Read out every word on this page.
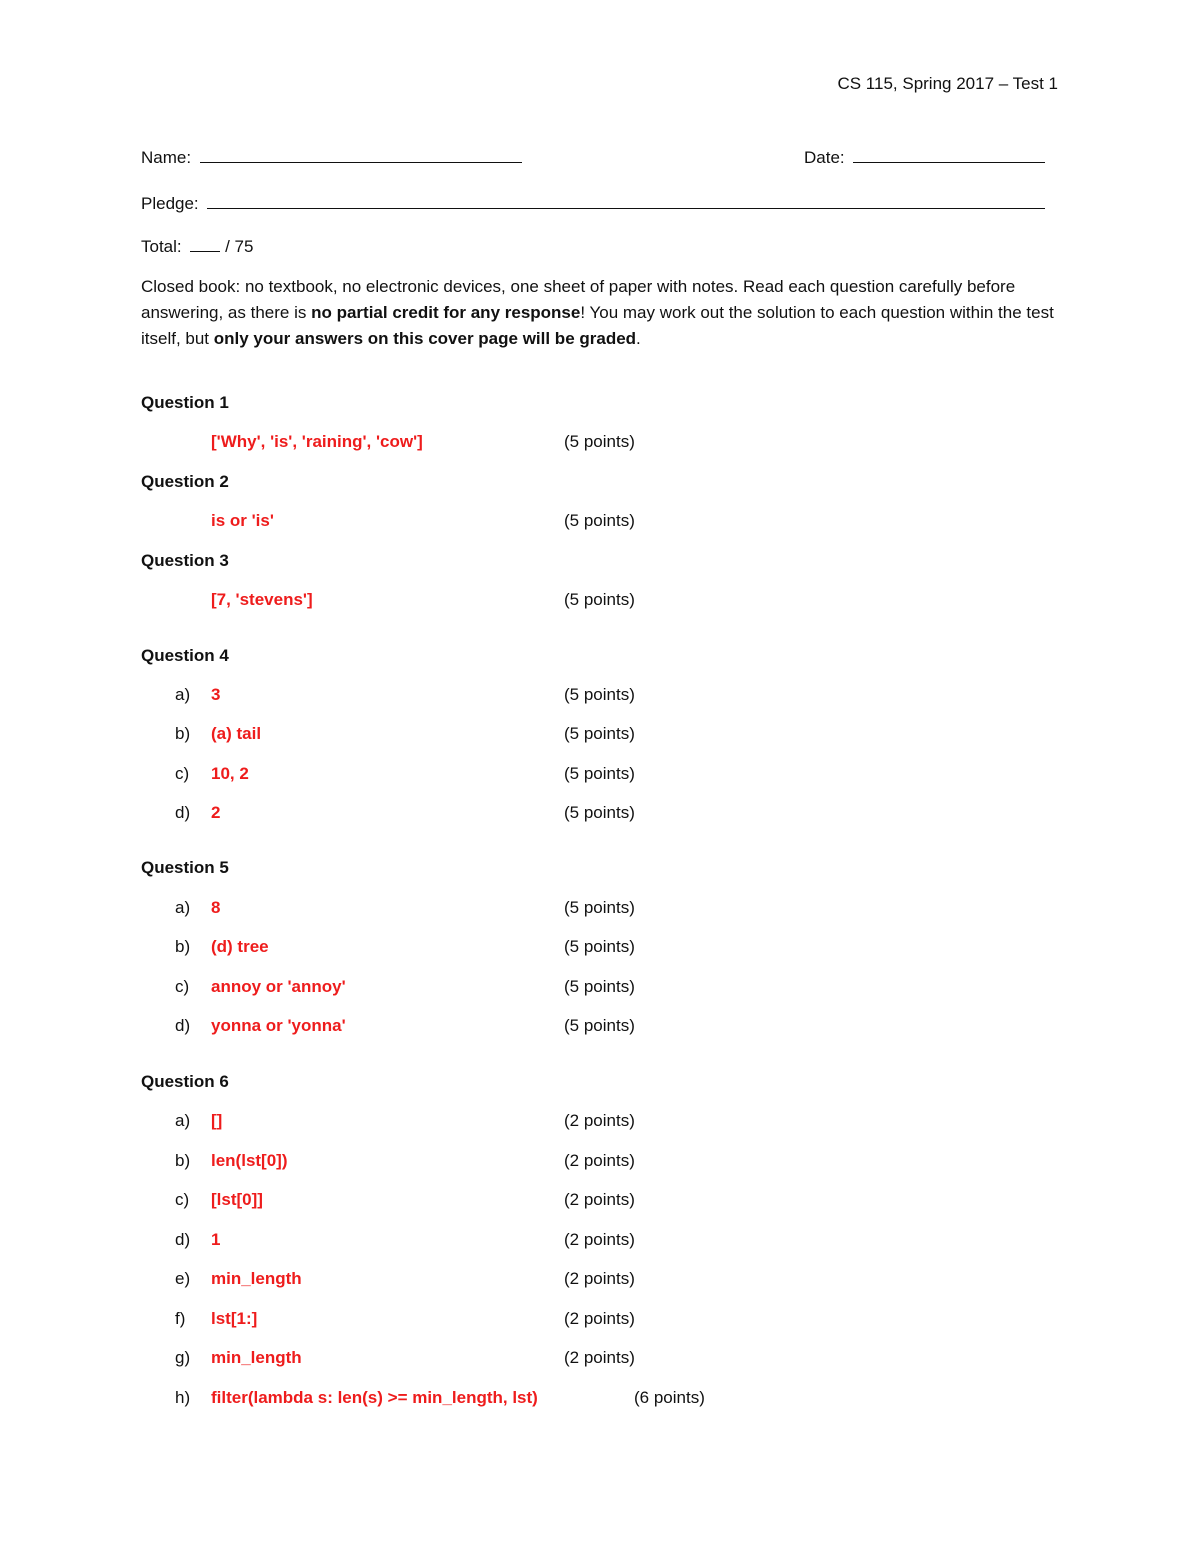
CS 115, Spring 2017 – Test 1
Name:	Date:
Pledge:
Total:	/ 75
Closed book: no textbook, no electronic devices, one sheet of paper with notes. Read each question carefully before answering, as there is no partial credit for any response! You may work out the solution to each question within the test itself, but only your answers on this cover page will be graded.
Question 1
['Why', 'is', 'raining', 'cow']	(5 points)
Question 2
is or 'is'	(5 points)
Question 3
[7, 'stevens']	(5 points)
Question 4
a) 3	(5 points)
b) (a) tail	(5 points)
c) 10, 2	(5 points)
d) 2	(5 points)
Question 5
a) 8	(5 points)
b) (d) tree	(5 points)
c) annoy or 'annoy'	(5 points)
d) yonna or 'yonna'	(5 points)
Question 6
a) []	(2 points)
b) len(lst[0])	(2 points)
c) [lst[0]]	(2 points)
d) 1	(2 points)
e) min_length	(2 points)
f) lst[1:]	(2 points)
g) min_length	(2 points)
h) filter(lambda s: len(s) >= min_length, lst)	(6 points)
